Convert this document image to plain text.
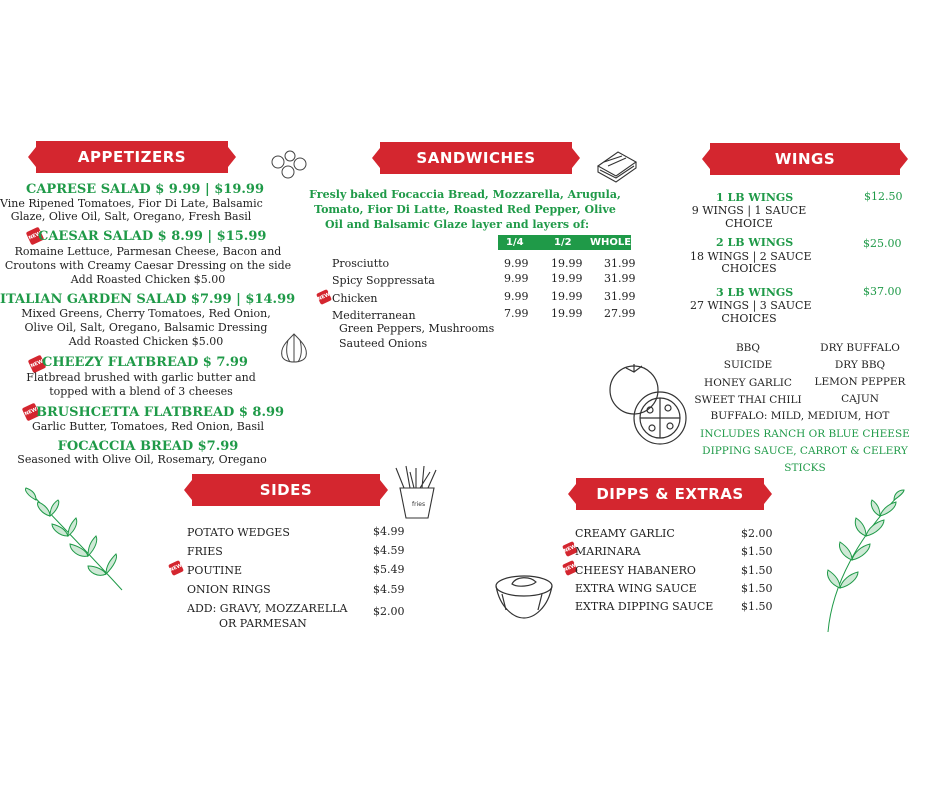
APPETIZERS	SANDWICHES	WINGS
SIDES	DIPPS & EXTRAS
CAPRESE SALAD $ 9.99 | $19.99
Vine Ripened Tomatoes, Fior Di Late, Balsamic
Glaze, Olive Oil, Salt, Oregano, Fresh Basil
NEW
CAESAR SALAD $ 8.99 | $15.99
Romaine Lettuce, Parmesan Cheese, Bacon and
Croutons with Creamy Caesar Dressing on the side
Add Roasted Chicken $5.00
ITALIAN GARDEN SALAD $7.99 | $14.99
Mixed Greens, Cherry Tomatoes, Red Onion,
Olive Oil, Salt, Oregano, Balsamic Dressing
Add Roasted Chicken $5.00
NEW
CHEEZY FLATBREAD $ 7.99
Flatbread brushed with garlic butter and
topped with a blend of 3 cheeses
NEW
BRUSHCETTA FLATBREAD $ 8.99
Garlic Butter, Tomatoes, Red Onion, Basil
FOCACCIA BREAD $7.99
Seasoned with Olive Oil, Rosemary, Oregano
Fresly baked Focaccia Bread, Mozzarella, Arugula,
Tomato, Fior Di Latte, Roasted Red Pepper, Olive
Oil and Balsamic Glaze layer and layers of:
1/4	1/2 WHOLE
Prosciutto	9.99 19.99 31.99
Spicy Soppressata	9.99 19.99 31.99
NEW Chicken	9.99 19.99 31.99
Mediterranean	7.99 19.99 27.99
Green Peppers, Mushrooms
Sauteed Onions
1 LB WINGS	$12.50
9 WINGS | 1 SAUCE
CHOICE
2 LB WINGS	$25.00
18 WINGS | 2 SAUCE
CHOICES
3 LB WINGS	$37.00
27 WINGS | 3 SAUCE
CHOICES
BBQ	DRY BUFFALO
SUICIDE	DRY BBQ
HONEY GARLIC	LEMON PEPPER
SWEET THAI CHILI	CAJUN
BUFFALO: MILD, MEDIUM, HOT
INCLUDES RANCH OR BLUE CHEESE
DIPPING SAUCE, CARROT & CELERY
STICKS
POTATO WEDGES	$4.99
FRIES	$4.59
NEW POUTINE	$5.49
ONION RINGS	$4.59
ADD: GRAVY, MOZZARELLA
OR PARMESAN
$2.00
CREAMY GARLIC	$2.00
NEW
MARINARA	$1.50
NEW
CHEESY HABANERO	$1.50
EXTRA WING SAUCE	$1.50
EXTRA DIPPING SAUCE	$1.50
fries
